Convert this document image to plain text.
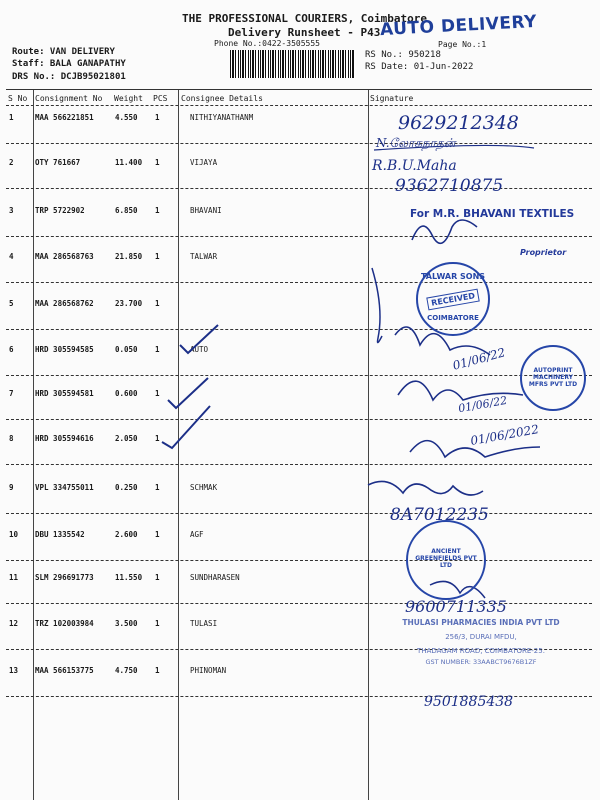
THE PROFESSIONAL COURIERS, Coimbatore
Delivery Runsheet - P43 AUTO DELIVERY
Phone No.:0422-3505555	Page No.:1
Route: VAN DELIVERY
Staff: BALA GANAPATHY
DRS No.: DCJB95021801
RS No.: 950218
RS Date: 01-Jun-2022
S No Consignment No Weight PCS Consignee Details	Signature
1	MAA 566221851	4.550 1	NITHIYANATHANM
2	OTY 761667	11.400 1	VIJAYA
3	TRP 5722902	6.850 1	BHAVANI
4	MAA 286568763	21.850 1	TALWAR
5	MAA 286568762	23.700 1
6	HRD 305594585	0.050 1	AUTO
7	HRD 305594581	0.600 1
8	HRD 305594616	2.050 1
9	VPL 334755011	0.250 1	SCHMAK
10 DBU 1335542	2.600 1	AGF
11 SLM 296691773	11.550 1	SUNDHARASEN
12 TRZ 102003984	3.500 1	TULASI
13 MAA 566153775	4.750 1	PHINOMAN
9629212348
N.லோகநாதன்
R.B.U.Maha
9362710875
For M.R. BHAVANI TEXTILES
Proprietor
TALWAR SONS
RECEIVED
COIMBATORE
01/06/22	AUTOPRINT MACHINERY MFRS PVT LTD
01/06/22
01/06/2022
8A7012235
ANCIENT GREENFIELDS PVT LTD
9600711335
THULASI PHARMACIES INDIA PVT LTD
256/3, DURAI MFDU,
THADAGAM ROAD, COIMBATORE-25.
GST NUMBER: 33AABCT9676B1ZF
9501885438
